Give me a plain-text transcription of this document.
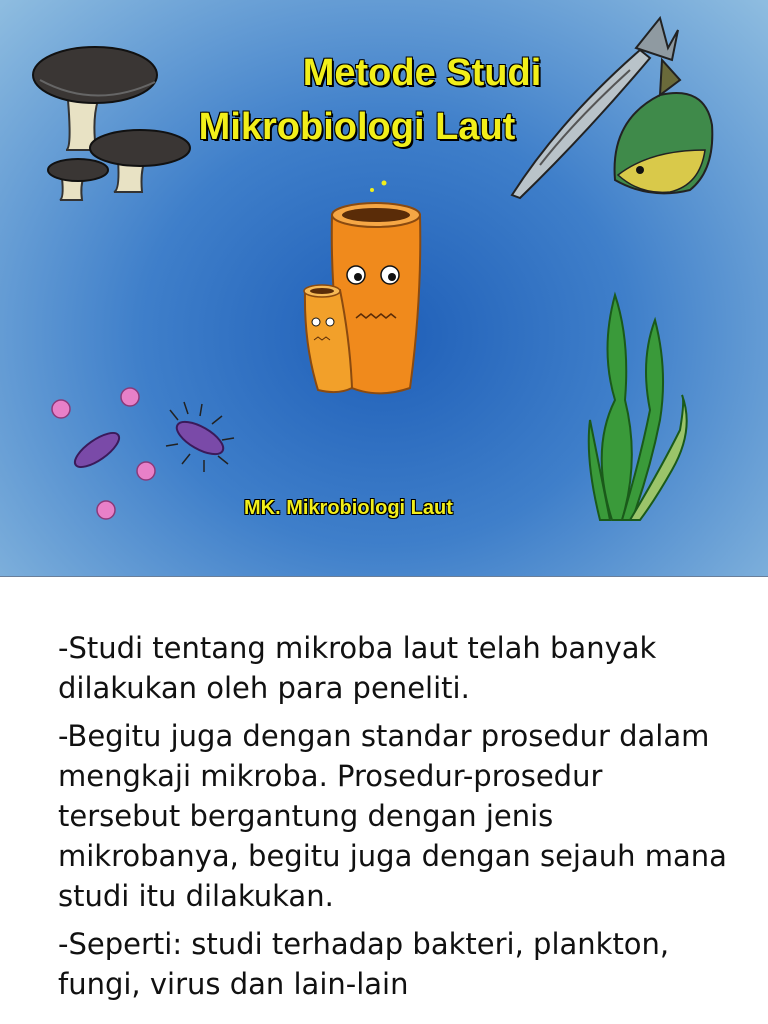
Metode Studi
Mikrobiologi Laut
MK. Mikrobiologi Laut

-Studi tentang mikroba laut telah banyak dilakukan oleh para peneliti.

-Begitu juga dengan standar prosedur dalam mengkaji mikroba. Prosedur-prosedur tersebut bergantung dengan jenis mikrobanya, begitu juga dengan sejauh mana studi itu dilakukan.

-Seperti: studi terhadap bakteri, plankton, fungi, virus dan lain-lain
